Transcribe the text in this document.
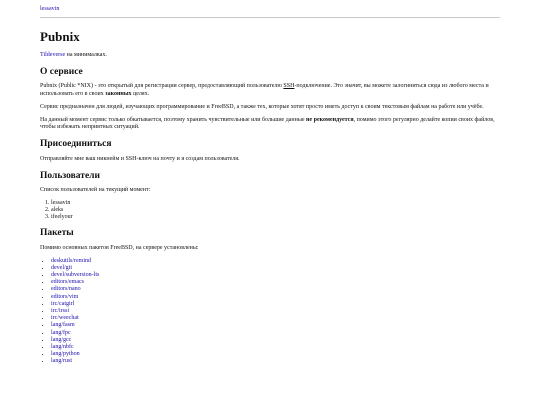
lessavin
Pubnix

Tildeverse на минималках.

О сервисе

Pubnix (Public *NIX) - это открытый для регистрации сервер, предоставляющий пользователю SSH-подключение. Это значит, вы можете залогиниться сюда из любого места и использовать его в своих законных целях.

Сервис предназначен для людей, изучающих программирование и FreeBSD, а также тех, которые хотят просто иметь доступ к своим текстовым файлам на работе или учёбе.

На данный момент сервис только обкатывается, поэтому хранить чувствительные или большие данные не рекомендуется, помимо этого регулярно делайте копии своих файлов, чтобы избежать неприятных ситуаций.

Присоединиться

Отправляйте мне ваш никнейм и SSH-ключ на почту и я создам пользователя.

Пользователи

Список пользователей на текущий момент:

1. lessavin
2. aleks
3. ifeelyour
Пакеты

Помимо основных пакетов FreeBSD, на сервере установлены:

• deskutils/remind
• devel/git
• devel/subversion-lts
• editors/emacs
• editors/nano
• editors/vim
• irc/catgirl
• irc/irssi
• irc/weechat
• lang/fasm
• lang/fpc
• lang/gcc
• lang/nbfc
• lang/python
• lang/rust
